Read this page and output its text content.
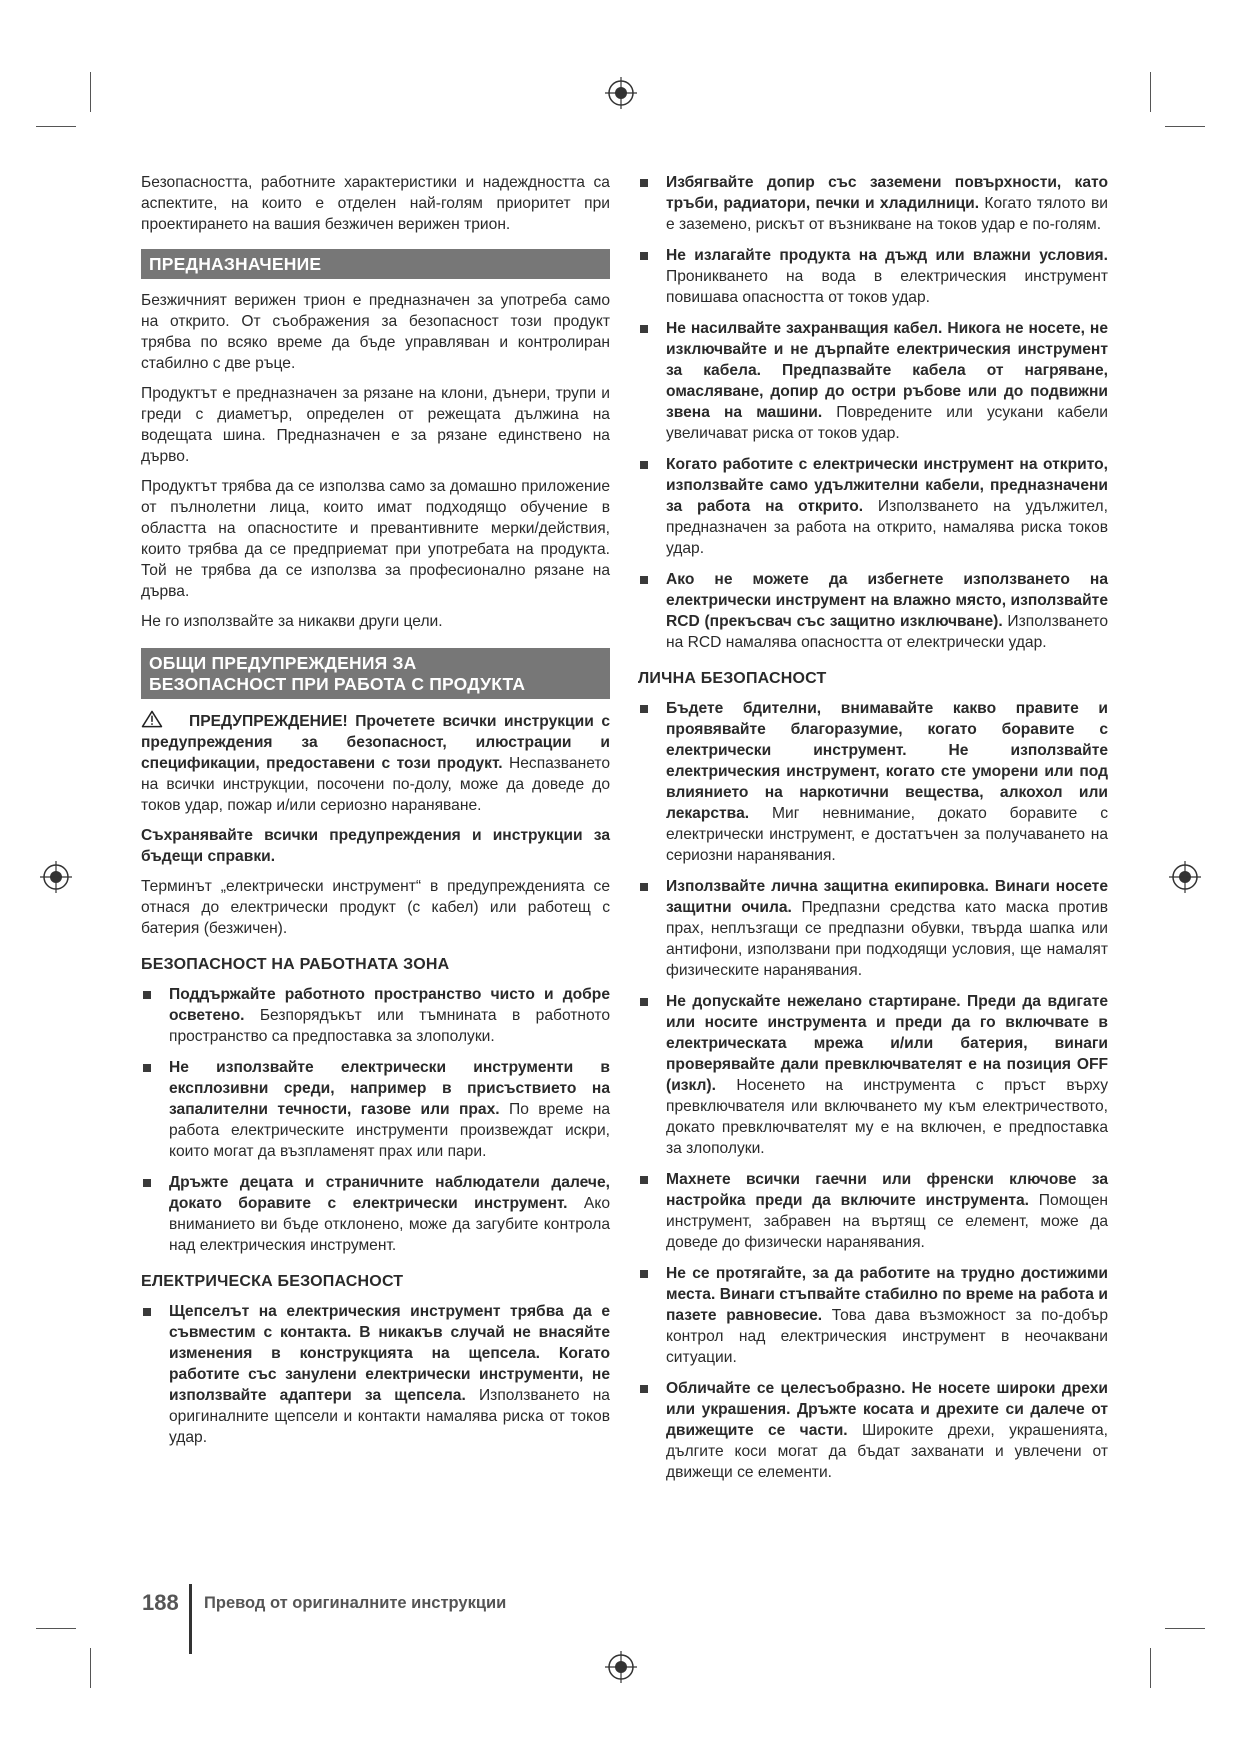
Безопасността, работните характеристики и надеждността са аспектите, на които е отделен най-голям приоритет при проектирането на вашия безжичен верижен трион.

ПРЕДНАЗНАЧЕНИЕ

Безжичният верижен трион е предназначен за употреба само на открито. От съображения за безопасност този продукт трябва по всяко време да бъде управляван и контролиран стабилно с две ръце.

Продуктът е предназначен за рязане на клони, дънери, трупи и греди с диаметър, определен от режещата дължина на водещата шина. Предназначен е за рязане единствено на дърво.

Продуктът трябва да се използва само за домашно приложение от пълнолетни лица, които имат подходящо обучение в областта на опасностите и превантивните мерки/действия, които трябва да се предприемат при употребата на продукта. Той не трябва да се използва за професионално рязане на дърва.

Не го използвайте за никакви други цели.

ОБЩИ ПРЕДУПРЕЖДЕНИЯ ЗА
БЕЗОПАСНОСТ ПРИ РАБОТА С ПРОДУКТА

ПРЕДУПРЕЖДЕНИЕ! Прочетете всички инструкции с предупреждения за безопасност, илюстрации и спецификации, предоставени с този продукт. Неспазването на всички инструкции, посочени по-долу, може да доведе до токов удар, пожар и/или сериозно нараняване.

Съхранявайте всички предупреждения и инструкции за бъдещи справки.

Терминът „електрически инструмент“ в предупрежденията се отнася до електрически продукт (с кабел) или работещ с батерия (безжичен).

БЕЗОПАСНОСТ НА РАБОТНАТА ЗОНА
Поддържайте работното пространство чисто и добре осветено. Безпорядъкът или тъмнината в работното пространство са предпоставка за злополуки.
Не използвайте електрически инструменти в експлозивни среди, например в присъствието на запалителни течности, газове или прах. По време на работа електрическите инструменти произвеждат искри, които могат да възпламенят прах или пари.
Дръжте децата и страничните наблюдатели далече, докато боравите с електрически инструмент. Ако вниманието ви бъде отклонено, може да загубите контрола над електрическия инструмент.
ЕЛЕКТРИЧЕСКА БЕЗОПАСНОСТ
Щепселът на електрическия инструмент трябва да е съвместим с контакта. В никакъв случай не внасяйте изменения в конструкцията на щепсела. Когато работите със занулени електрически инструменти, не използвайте адаптери за щепсела. Използването на оригиналните щепсели и контакти намалява риска от токов удар.
Избягвайте допир със заземени повърхности, като тръби, радиатори, печки и хладилници. Когато тялото ви е заземено, рискът от възникване на токов удар е по-голям.
Не излагайте продукта на дъжд или влажни условия. Проникването на вода в електрическия инструмент повишава опасността от токов удар.
Не насилвайте захранващия кабел. Никога не носете, не изключвайте и не дърпайте електрическия инструмент за кабела. Предпазвайте кабела от нагряване, омасляване, допир до остри ръбове или до подвижни звена на машини. Повредените или усукани кабели увеличават риска от токов удар.
Когато работите с електрически инструмент на открито, използвайте само удължителни кабели, предназначени за работа на открито. Използването на удължител, предназначен за работа на открито, намалява риска токов удар.
Ако не можете да избегнете използването на електрически инструмент на влажно място, използвайте RCD (прекъсвач със защитно изключване). Използването на RCD намалява опасността от електрически удар.
ЛИЧНА БЕЗОПАСНОСТ
Бъдете бдителни, внимавайте какво правите и проявявайте благоразумие, когато боравите с електрически инструмент. Не използвайте електрическия инструмент, когато сте уморени или под влиянието на наркотични вещества, алкохол или лекарства. Миг невнимание, докато боравите с електрически инструмент, е достатъчен за получаването на сериозни наранявания.
Използвайте лична защитна екипировка. Винаги носете защитни очила. Предпазни средства като маска против прах, неплъзгащи се предпазни обувки, твърда шапка или антифони, използвани при подходящи условия, ще намалят физическите наранявания.
Не допускайте нежелано стартиране. Преди да вдигате или носите инструмента и преди да го включвате в електрическата мрежа и/или батерия, винаги проверявайте дали превключвателят е на позиция OFF (изкл). Носенето на инструмента с пръст върху превключвателя или включването му към електричеството, докато превключвателят му е на включен, е предпоставка за злополуки.
Махнете всички гаечни или френски ключове за настройка преди да включите инструмента. Помощен инструмент, забравен на въртящ се елемент, може да доведе до физически наранявания.
Не се протягайте, за да работите на трудно достижими места. Винаги стъпвайте стабилно по време на работа и пазете равновесие. Това дава възможност за по-добър контрол над електрическия инструмент в неочаквани ситуации.
Обличайте се целесъобразно. Не носете широки дрехи или украшения. Дръжте косата и дрехите си далече от движещите се части. Широките дрехи, украшенията, дългите коси могат да бъдат захванати и увлечени от движещи се елементи.
188 Превод от оригиналните инструкции
